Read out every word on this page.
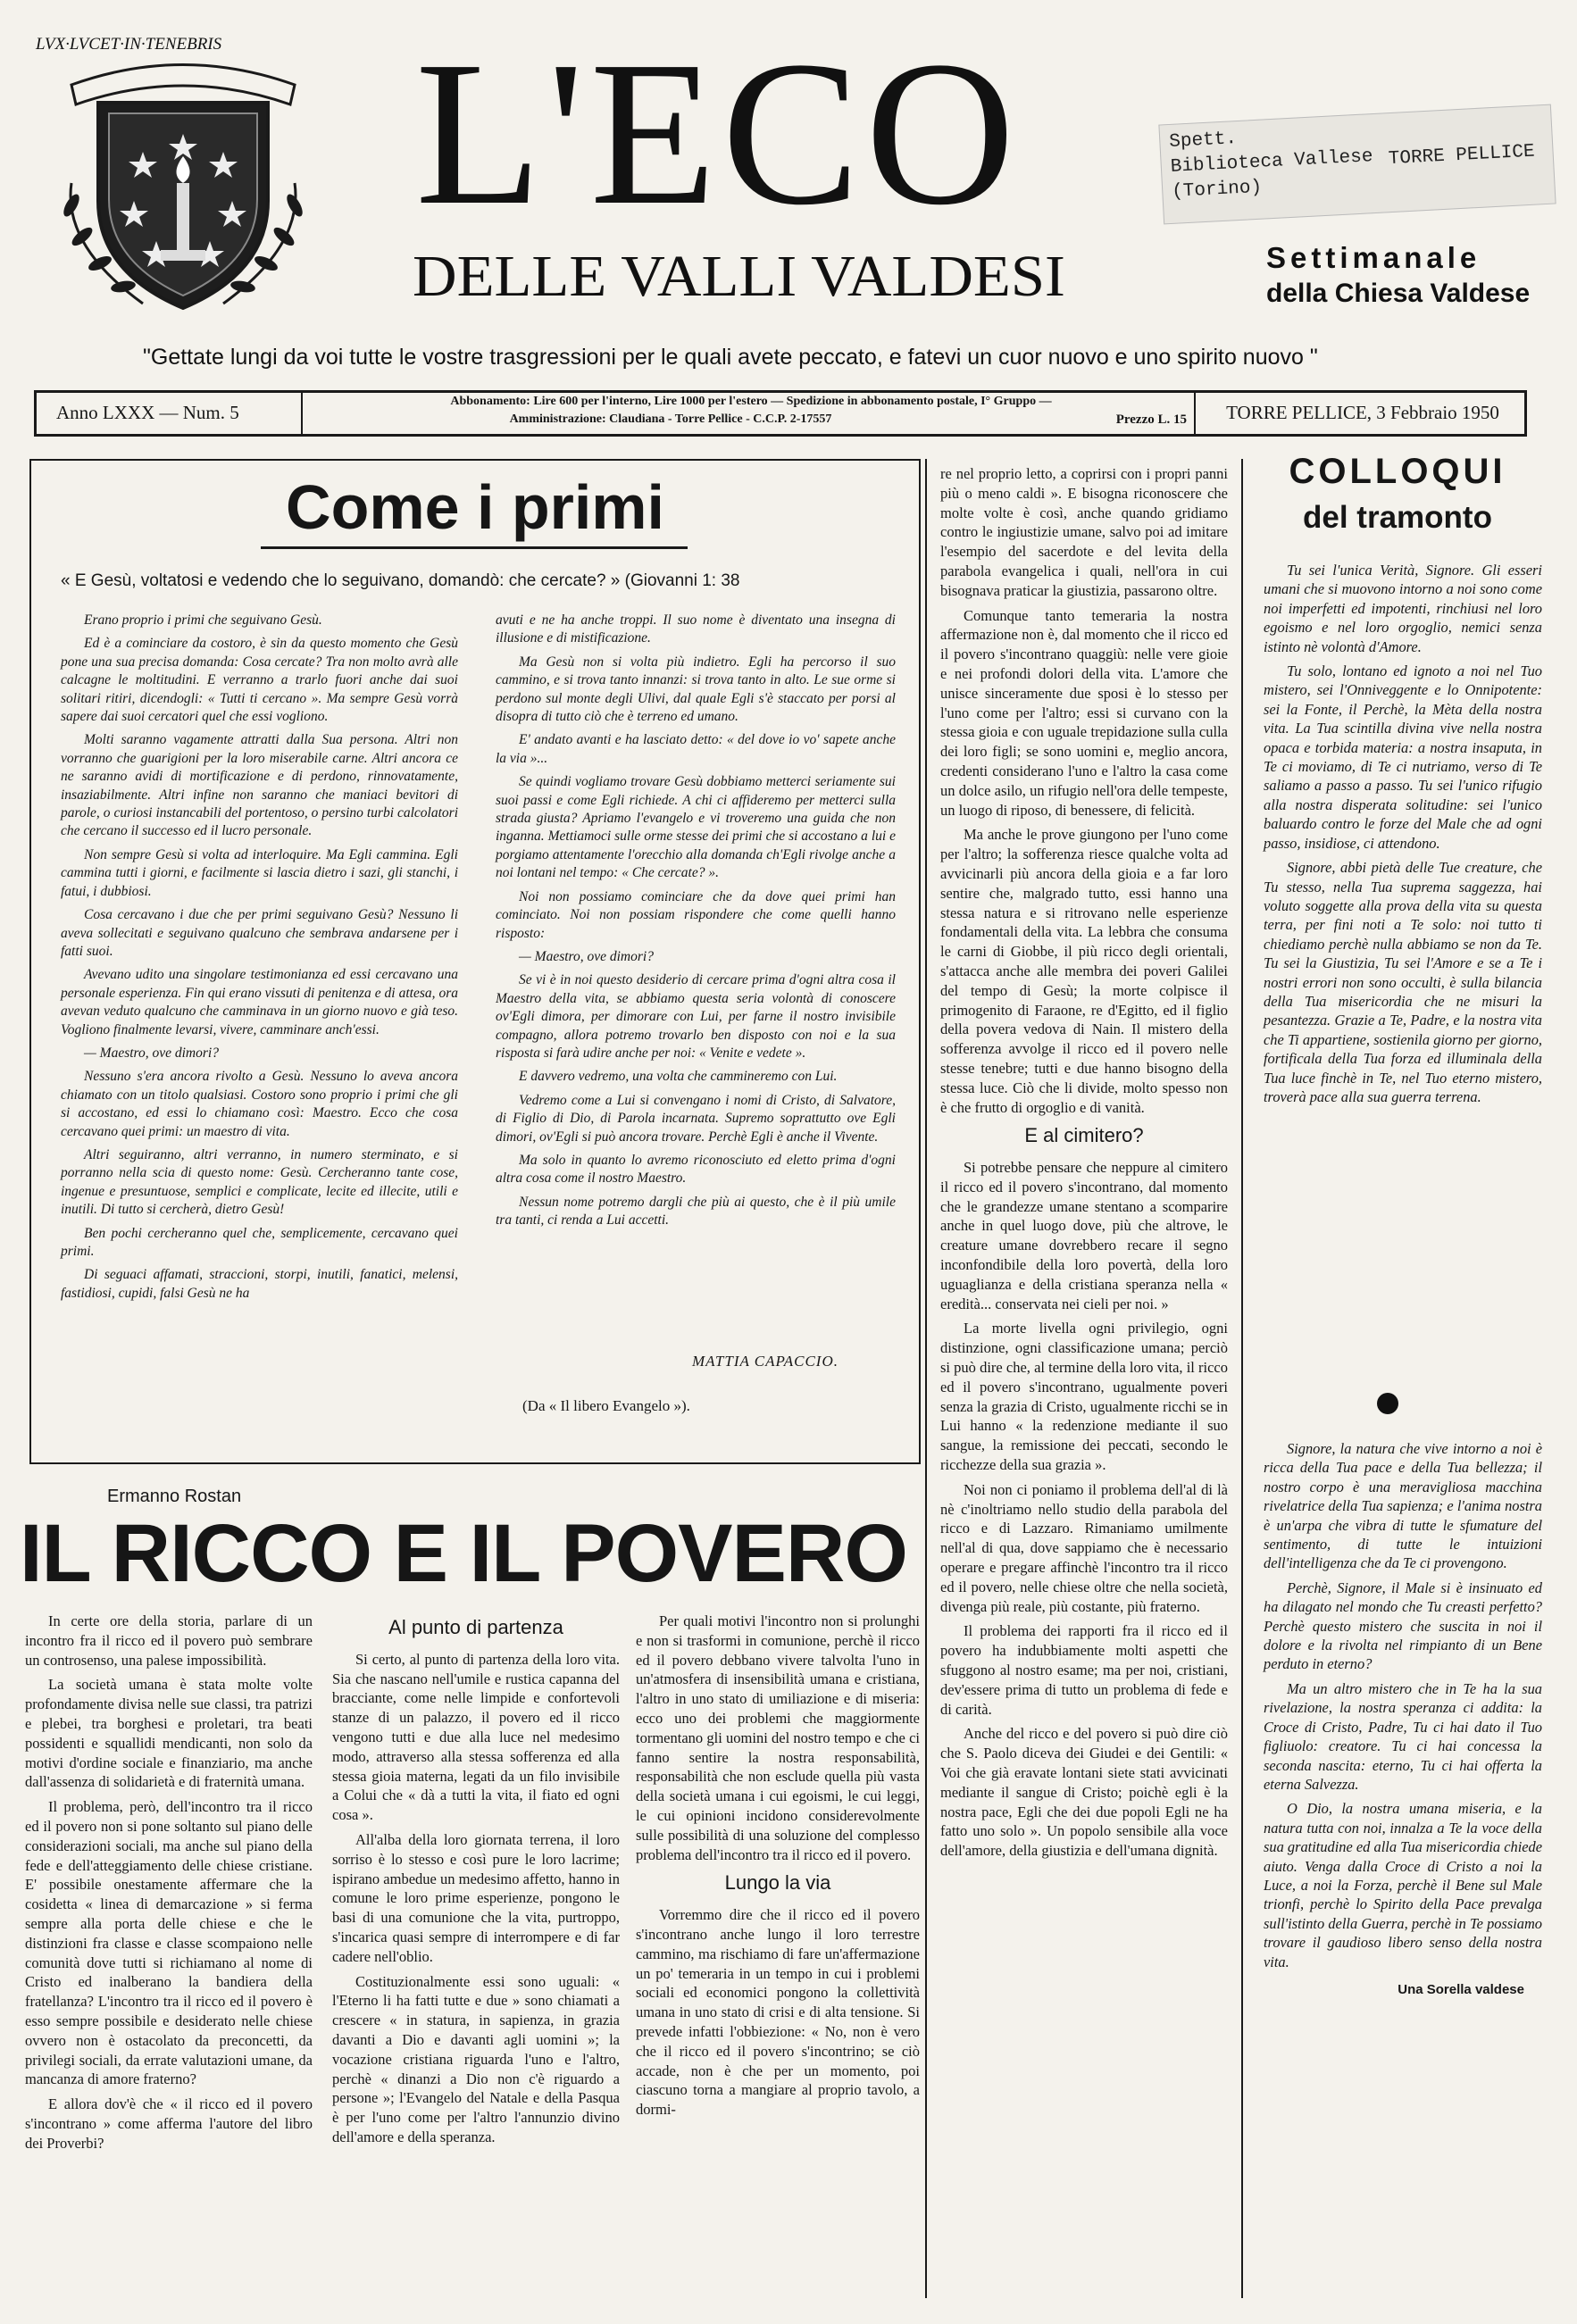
LVX·LVCET·IN·TENEBRIS L'ECO
DELLE VALLI VALDESI
Spett.
Biblioteca Vallese
(Torino)
TORRE PELLICE
Settimanale
della Chiesa Valdese
"Gettate lungi da voi tutte le vostre trasgressioni per le quali avete peccato, e fatevi un cuor nuovo e uno spirito nuovo "
Anno LXXX — Num. 5
Abbonamento: Lire 600 per l'interno, Lire 1000 per l'estero — Spedizione in abbonamento postale, I° Gruppo —
Amministrazione: Claudiana - Torre Pellice - C.C.P. 2-17557	Prezzo L. 15	TORRE PELLICE, 3 Febbraio 1950
Come i primi
« E Gesù, voltatosi e vedendo che lo seguivano, domandò: che cercate? » (Giovanni 1: 38

Erano proprio i primi che seguivano Gesù.

Ed è a cominciare da costoro, è sin da questo momento che Gesù pone una sua precisa domanda: Cosa cercate? Tra non molto avrà alle calcagne le moltitudini. E verranno a trarlo fuori anche dai suoi solitari ritiri, dicendogli: « Tutti ti cercano ». Ma sempre Gesù vorrà sapere dai suoi cercatori quel che essi vogliono.

Molti saranno vagamente attratti dalla Sua persona. Altri non vorranno che guarigioni per la loro miserabile carne. Altri ancora ce ne saranno avidi di mortificazione e di perdono, rinnovatamente, insaziabilmente. Altri infine non saranno che maniaci bevitori di parole, o curiosi instancabili del portentoso, o persino turbi calcolatori che cercano il successo ed il lucro personale.

Non sempre Gesù si volta ad interloquire. Ma Egli cammina. Egli cammina tutti i giorni, e facilmente si lascia dietro i sazi, gli stanchi, i fatui, i dubbiosi.

Cosa cercavano i due che per primi seguivano Gesù? Nessuno li aveva sollecitati e seguivano qualcuno che sembrava andarsene per i fatti suoi.

Avevano udito una singolare testimonianza ed essi cercavano una personale esperienza. Fin qui erano vissuti di penitenza e di attesa, ora avevan veduto qualcuno che camminava in un giorno nuovo e già teso. Vogliono finalmente levarsi, vivere, camminare anch'essi.

— Maestro, ove dimori?

Nessuno s'era ancora rivolto a Gesù. Nessuno lo aveva ancora chiamato con un titolo qualsiasi. Costoro sono proprio i primi che gli si accostano, ed essi lo chiamano così: Maestro. Ecco che cosa cercavano quei primi: un maestro di vita.

Altri seguiranno, altri verranno, in numero sterminato, e si porranno nella scia di questo nome: Gesù. Cercheranno tante cose, ingenue e presuntuose, semplici e complicate, lecite ed illecite, utili e inutili. Di tutto si cercherà, dietro Gesù!

Ben pochi cercheranno quel che, semplicemente, cercavano quei primi.

Di seguaci affamati, straccioni, storpi, inutili, fanatici, melensi, fastidiosi, cupidi, falsi Gesù ne ha

avuti e ne ha anche troppi. Il suo nome è diventato una insegna di illusione e di mistificazione.

Ma Gesù non si volta più indietro. Egli ha percorso il suo cammino, e si trova tanto innanzi: si trova tanto in alto. Le sue orme si perdono sul monte degli Ulivi, dal quale Egli s'è staccato per porsi al disopra di tutto ciò che è terreno ed umano.

E' andato avanti e ha lasciato detto: « del dove io vo' sapete anche la via »...

Se quindi vogliamo trovare Gesù dobbiamo metterci seriamente sui suoi passi e come Egli richiede. A chi ci affideremo per metterci sulla strada giusta? Apriamo l'evangelo e vi troveremo una guida che non inganna. Mettiamoci sulle orme stesse dei primi che si accostano a lui e porgiamo attentamente l'orecchio alla domanda ch'Egli rivolge anche a noi lontani nel tempo: « Che cercate? ».

Noi non possiamo cominciare che da dove quei primi han cominciato. Noi non possiam rispondere che come quelli hanno risposto:

— Maestro, ove dimori?

Se vi è in noi questo desiderio di cercare prima d'ogni altra cosa il Maestro della vita, se abbiamo questa seria volontà di conoscere ov'Egli dimora, per dimorare con Lui, per farne il nostro invisibile compagno, allora potremo trovarlo ben disposto con noi e la sua risposta si farà udire anche per noi: « Venite e vedete ».

E davvero vedremo, una volta che cammineremo con Lui.

Vedremo come a Lui si convengano i nomi di Cristo, di Salvatore, di Figlio di Dio, di Parola incarnata. Supremo soprattutto ove Egli dimori, ov'Egli si può ancora trovare. Perchè Egli è anche il Vivente.

Ma solo in quanto lo avremo riconosciuto ed eletto prima d'ogni altra cosa come il nostro Maestro.

Nessun nome potremo dargli che più ai questo, che è il più umile tra tanti, ci renda a Lui accetti.

MATTIA CAPACCIO.
(Da « Il libero Evangelo »).

re nel proprio letto, a coprirsi con i propri panni più o meno caldi ». E bisogna riconoscere che molte volte è così, anche quando gridiamo contro le ingiustizie umane, salvo poi ad imitare l'esempio del sacerdote e del levita della parabola evangelica i quali, nell'ora in cui bisognava praticar la giustizia, passarono oltre.

Comunque tanto temeraria la nostra affermazione non è, dal momento che il ricco ed il povero s'incontrano quaggiù: nelle vere gioie e nei profondi dolori della vita. L'amore che unisce sinceramente due sposi è lo stesso per l'uno come per l'altro; essi si curvano con la stessa gioia e con uguale trepidazione sulla culla dei loro figli; se sono uomini e, meglio ancora, credenti considerano l'uno e l'altro la casa come un dolce asilo, un rifugio nell'ora delle tempeste, un luogo di riposo, di benessere, di felicità.

Ma anche le prove giungono per l'uno come per l'altro; la sofferenza riesce qualche volta ad avvicinarli più ancora della gioia e a far loro sentire che, malgrado tutto, essi hanno una stessa natura e si ritrovano nelle esperienze fondamentali della vita. La lebbra che consuma le carni di Giobbe, il più ricco degli orientali, s'attacca anche alle membra dei poveri Galilei del tempo di Gesù; la morte colpisce il primogenito di Faraone, re d'Egitto, ed il figlio della povera vedova di Nain. Il mistero della sofferenza avvolge il ricco ed il povero nelle stesse tenebre; tutti e due hanno bisogno della stessa luce. Ciò che li divide, molto spesso non è che frutto di orgoglio e di vanità.

E al cimitero?

Si potrebbe pensare che neppure al cimitero il ricco ed il povero s'incontrano, dal momento che le grandezze umane stentano a scomparire anche in quel luogo dove, più che altrove, le creature umane dovrebbero recare il segno inconfondibile della loro povertà, della loro uguaglianza e della cristiana speranza nella « eredità... conservata nei cieli per noi. »

La morte livella ogni privilegio, ogni distinzione, ogni classificazione umana; perciò si può dire che, al termine della loro vita, il ricco ed il povero s'incontrano, ugualmente poveri senza la grazia di Cristo, ugualmente ricchi se in Lui hanno « la redenzione mediante il suo sangue, la remissione dei peccati, secondo le ricchezze della sua grazia ».

Noi non ci poniamo il problema dell'al di là nè c'inoltriamo nello studio della parabola del ricco e di Lazzaro. Rimaniamo umilmente nell'al di qua, dove sappiamo che è necessario operare e pregare affinchè l'incontro tra il ricco ed il povero, nelle chiese oltre che nella società, divenga più reale, più costante, più fraterno.

Il problema dei rapporti fra il ricco ed il povero ha indubbiamente molti aspetti che sfuggono al nostro esame; ma per noi, cristiani, dev'essere prima di tutto un problema di fede e di carità.

Anche del ricco e del povero si può dire ciò che S. Paolo diceva dei Giudei e dei Gentili: « Voi che già eravate lontani siete stati avvicinati mediante il sangue di Cristo; poichè egli è la nostra pace, Egli che dei due popoli Egli ne ha fatto uno solo ». Un popolo sensibile alla voce dell'amore, della giustizia e dell'umana dignità.

COLLOQUI
del tramonto

Tu sei l'unica Verità, Signore. Gli esseri umani che si muovono intorno a noi sono come noi imperfetti ed impotenti, rinchiusi nel loro egoismo e nel loro orgoglio, nemici senza istinto nè volontà d'Amore.

Tu solo, lontano ed ignoto a noi nel Tuo mistero, sei l'Onniveggente e lo Onnipotente: sei la Fonte, il Perchè, la Mèta della nostra vita. La Tua scintilla divina vive nella nostra opaca e torbida materia: a nostra insaputa, in Te ci moviamo, di Te ci nutriamo, verso di Te saliamo a passo a passo. Tu sei l'unico rifugio alla nostra disperata solitudine: sei l'unico baluardo contro le forze del Male che ad ogni passo, insidiose, ci attendono.

Signore, abbi pietà delle Tue creature, che Tu stesso, nella Tua suprema saggezza, hai voluto soggette alla prova della vita su questa terra, per fini noti a Te solo: noi tutto ti chiediamo perchè nulla abbiamo se non da Te. Tu sei la Giustizia, Tu sei l'Amore e se a Te i nostri errori non sono occulti, è sulla bilancia della Tua misericordia che ne misuri la pesantezza. Grazie a Te, Padre, e la nostra vita che Ti appartiene, sostienila giorno per giorno, fortificala della Tua forza ed illuminala della Tua luce finchè in Te, nel Tuo eterno mistero, troverà pace alla sua guerra terrena.

Signore, la natura che vive intorno a noi è ricca della Tua pace e della Tua bellezza; il nostro corpo è una meravigliosa macchina rivelatrice della Tua sapienza; e l'anima nostra è un'arpa che vibra di tutte le sfumature del sentimento, di tutte le intuizioni dell'intelligenza che da Te ci provengono.

Perchè, Signore, il Male si è insinuato ed ha dilagato nel mondo che Tu creasti perfetto? Perchè questo mistero che suscita in noi il dolore e la rivolta nel rimpianto di un Bene perduto in eterno?

Ma un altro mistero che in Te ha la sua rivelazione, la nostra speranza ci addita: la Croce di Cristo, Padre, Tu ci hai dato il Tuo figliuolo: creatore. Tu ci hai concessa la seconda nascita: eterno, Tu ci hai offerta la eterna Salvezza.

O Dio, la nostra umana miseria, e la natura tutta con noi, innalza a Te la voce della sua gratitudine ed alla Tua misericordia chiede aiuto. Venga dalla Croce di Cristo a noi la Luce, a noi la Forza, perchè il Bene sul Male trionfi, perchè lo Spirito della Pace prevalga sull'istinto della Guerra, perchè in Te possiamo trovare il gaudioso libero senso della nostra vita.

Una Sorella valdese
Ermanno Rostan
IL RICCO E IL POVERO

In certe ore della storia, parlare di un incontro fra il ricco ed il povero può sembrare un controsenso, una palese impossibilità.

La società umana è stata molte volte profondamente divisa nelle sue classi, tra patrizi e plebei, tra borghesi e proletari, tra beati possidenti e squallidi mendicanti, non solo da motivi d'ordine sociale e finanziario, ma anche dall'assenza di solidarietà e di fraternità umana.

Il problema, però, dell'incontro tra il ricco ed il povero non si pone soltanto sul piano delle considerazioni sociali, ma anche sul piano della fede e dell'atteggiamento delle chiese cristiane. E' possibile onestamente affermare che la cosidetta « linea di demarcazione » si ferma sempre alla porta delle chiese e che le distinzioni fra classe e classe scompaiono nelle comunità dove tutti si richiamano al nome di Cristo ed inalberano la bandiera della fratellanza? L'incontro tra il ricco ed il povero è esso sempre possibile e desiderato nelle chiese ovvero non è ostacolato da preconcetti, da privilegi sociali, da errate valutazioni umane, da mancanza di amore fraterno?

E allora dov'è che « il ricco ed il povero s'incontrano » come afferma l'autore del libro dei Proverbi?

Al punto di partenza

Si certo, al punto di partenza della loro vita. Sia che nascano nell'umile e rustica capanna del bracciante, come nelle limpide e confortevoli stanze di un palazzo, il povero ed il ricco vengono tutti e due alla luce nel medesimo modo, attraverso alla stessa sofferenza ed alla stessa gioia materna, legati da un filo invisibile a Colui che « dà a tutti la vita, il fiato ed ogni cosa ».

All'alba della loro giornata terrena, il loro sorriso è lo stesso e così pure le loro lacrime; ispirano ambedue un medesimo affetto, hanno in comune le loro prime esperienze, pongono le basi di una comunione che la vita, purtroppo, s'incarica quasi sempre di interrompere e di far cadere nell'oblio.

Costituzionalmente essi sono uguali: « l'Eterno li ha fatti tutte e due » sono chiamati a crescere « in statura, in sapienza, in grazia davanti a Dio e davanti agli uomini »; la vocazione cristiana riguarda l'uno e l'altro, perchè « dinanzi a Dio non c'è riguardo a persone »; l'Evangelo del Natale e della Pasqua è per l'uno come per l'altro l'annunzio divino dell'amore e della speranza.

Per quali motivi l'incontro non si prolunghi e non si trasformi in comunione, perchè il ricco ed il povero debbano vivere talvolta l'uno in un'atmosfera di insensibilità umana e cristiana, l'altro in uno stato di umiliazione e di miseria: ecco uno dei problemi che maggiormente tormentano gli uomini del nostro tempo e che ci fanno sentire la nostra responsabilità, responsabilità che non esclude quella più vasta della società umana i cui egoismi, le cui leggi, le cui opinioni incidono considerevolmente sulle possibilità di una soluzione del complesso problema dell'incontro tra il ricco ed il povero.

Lungo la via

Vorremmo dire che il ricco ed il povero s'incontrano anche lungo il loro terrestre cammino, ma rischiamo di fare un'affermazione un po' temeraria in un tempo in cui i problemi sociali ed economici pongono la collettività umana in uno stato di crisi e di alta tensione. Si prevede infatti l'obbiezione: « No, non è vero che il ricco ed il povero s'incontrino; se ciò accade, non è che per un momento, poi ciascuno torna a mangiare al proprio tavolo, a dormi-
